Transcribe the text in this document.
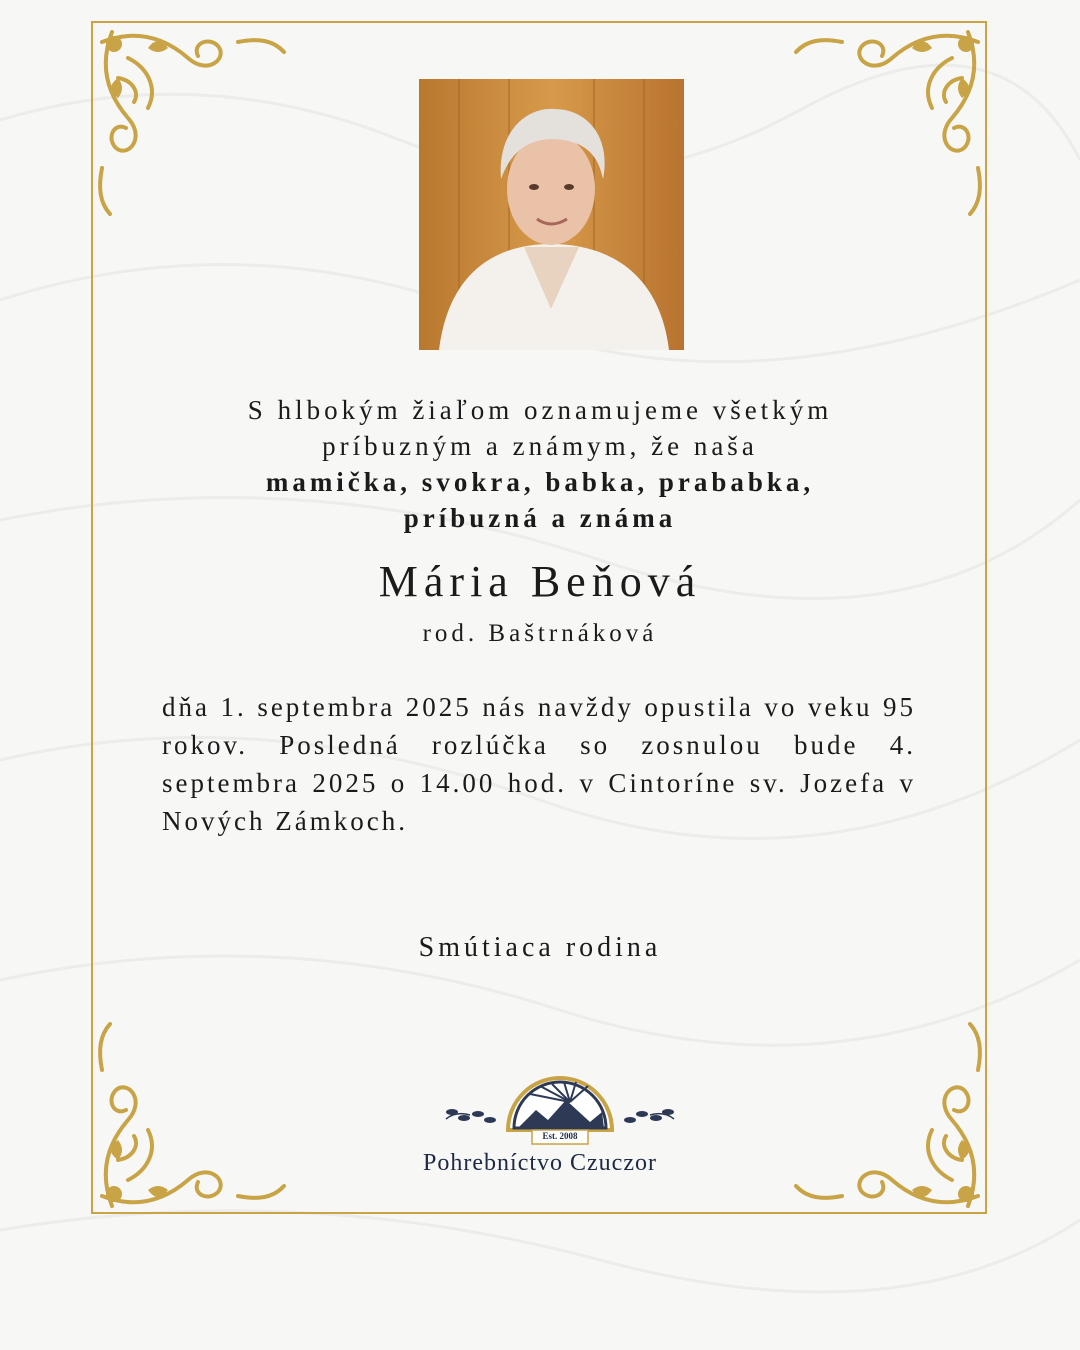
S hlbokým žiaľom oznamujeme všetkým
príbuzným a známym, že naša
mamička, svokra, babka, prababka,
príbuzná a známa
Mária Beňová
rod. Baštrnáková
dňa 1. septembra 2025 nás navždy opustila vo veku 95 rokov. Posledná rozlúčka so zosnulou bude 4. septembra 2025 o 14.00 hod. v Cintoríne sv. Jozefa v Nových Zámkoch.
Smútiaca rodina
Est. 2008
Pohrebníctvo Czuczor
